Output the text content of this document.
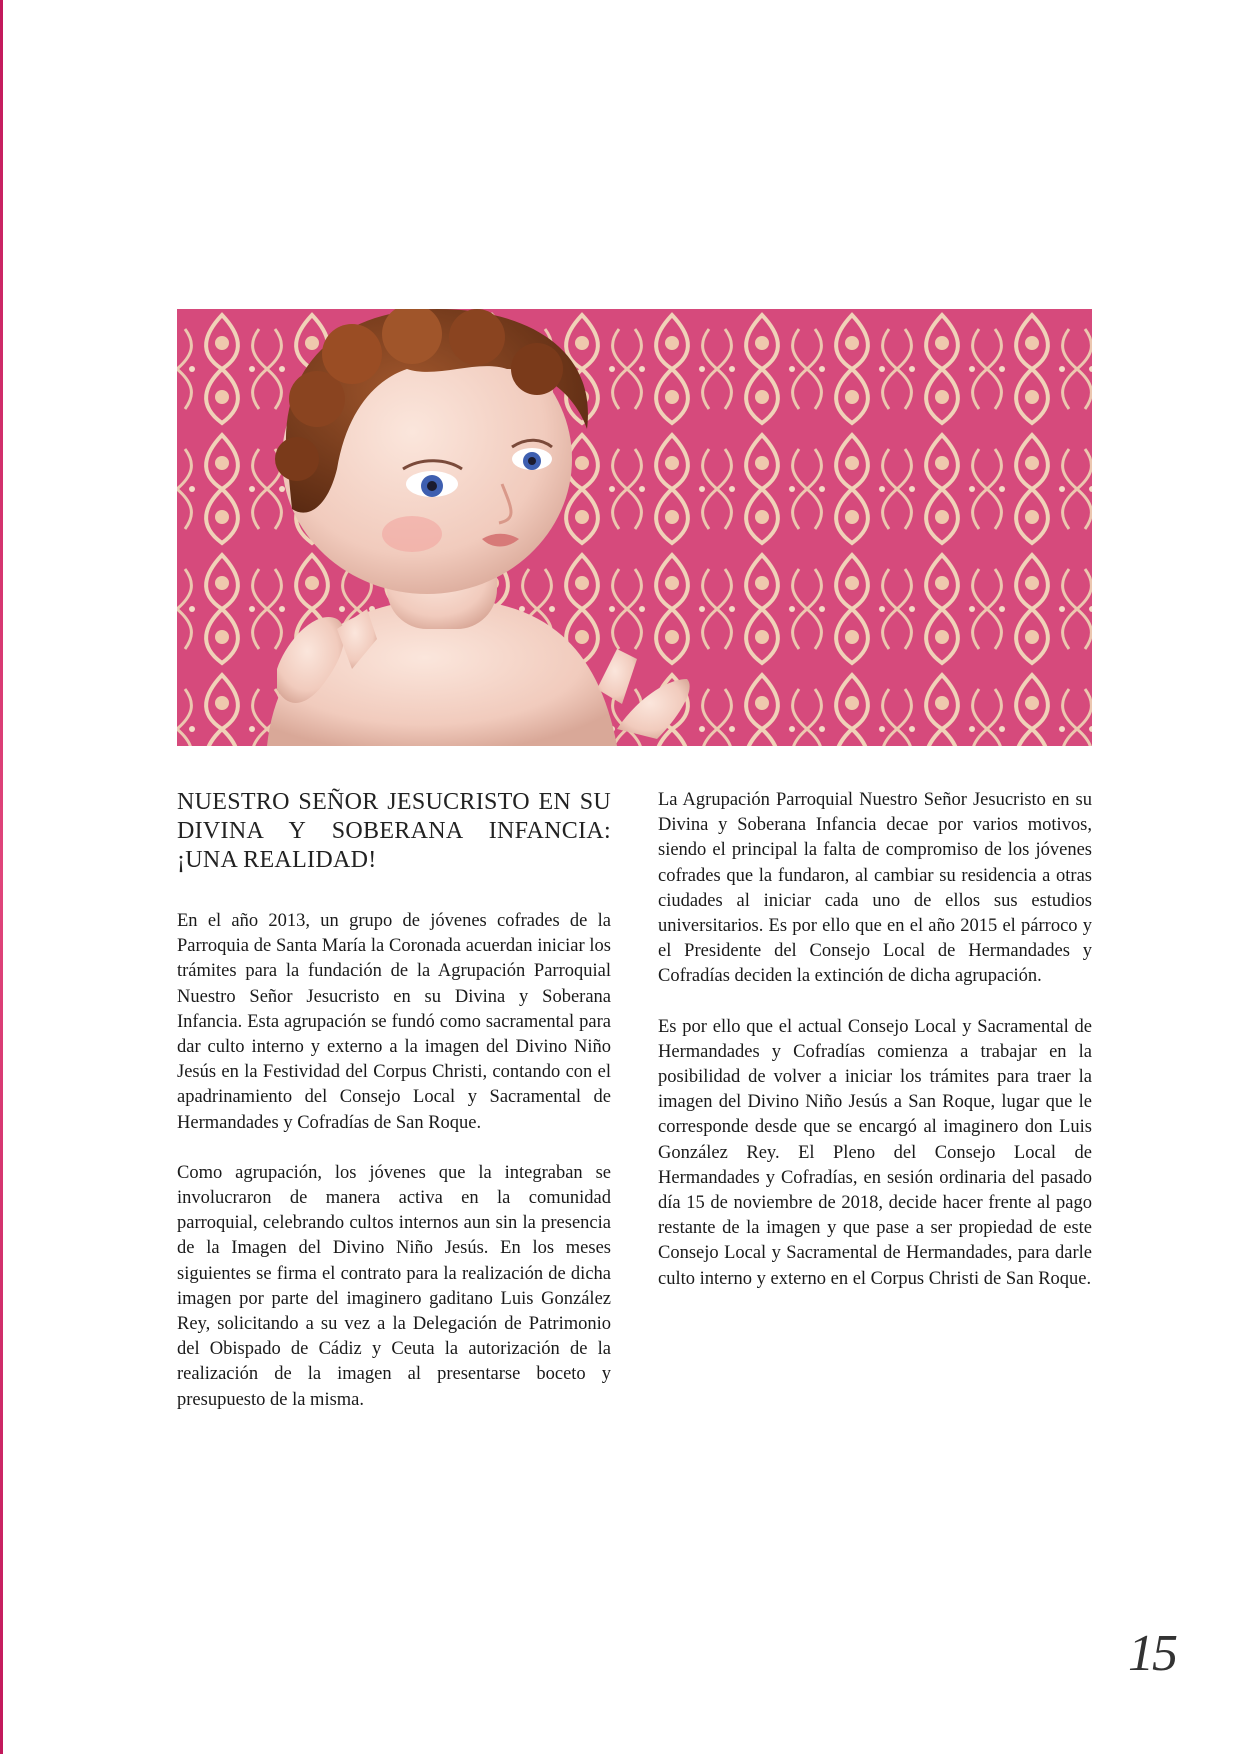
NUESTRO SEÑOR JESUCRISTO EN SU DIVINA Y SOBERANA INFANCIA: ¡UNA REALIDAD!

En el año 2013, un grupo de jóvenes cofrades de la Parroquia de Santa María la Coronada acuerdan iniciar los trámites para la fundación de la Agrupación Parroquial Nuestro Señor Jesucristo en su Divina y Soberana Infancia. Esta agrupación se fundó como sacramental para dar culto interno y externo a la imagen del Divino Niño Jesús en la Festividad del Corpus Christi, contando con el apadrinamiento del Consejo Local y Sacramental de Hermandades y Cofradías de San Roque.

Como agrupación, los jóvenes que la integraban se involucraron de manera activa en la comunidad parroquial, celebrando cultos internos aun sin la presencia de la Imagen del Divino Niño Jesús. En los meses siguientes se firma el contrato para la realización de dicha imagen por parte del imaginero gaditano Luis González Rey, solicitando a su vez a la Delegación de Patrimonio del Obispado de Cádiz y Ceuta la autorización de la realización de la imagen al presentarse boceto y presupuesto de la misma.

La Agrupación Parroquial Nuestro Señor Jesucristo en su Divina y Soberana Infancia decae por varios motivos, siendo el principal la falta de compromiso de los jóvenes cofrades que la fundaron, al cambiar su residencia a otras ciudades al iniciar cada uno de ellos sus estudios universitarios. Es por ello que en el año 2015 el párroco y el Presidente del Consejo Local de Hermandades y Cofradías deciden la extinción de dicha agrupación.

Es por ello que el actual Consejo Local y Sacramental de Hermandades y Cofradías comienza a trabajar en la posibilidad de volver a iniciar los trámites para traer la imagen del Divino Niño Jesús a San Roque, lugar que le corresponde desde que se encargó al imaginero don Luis González Rey. El Pleno del Consejo Local de Hermandades y Cofradías, en sesión ordinaria del pasado día 15 de noviembre de 2018, decide hacer frente al pago restante de la imagen y que pase a ser propiedad de este Consejo Local y Sacramental de Hermandades, para darle culto interno y externo en el Corpus Christi de San Roque.

15
